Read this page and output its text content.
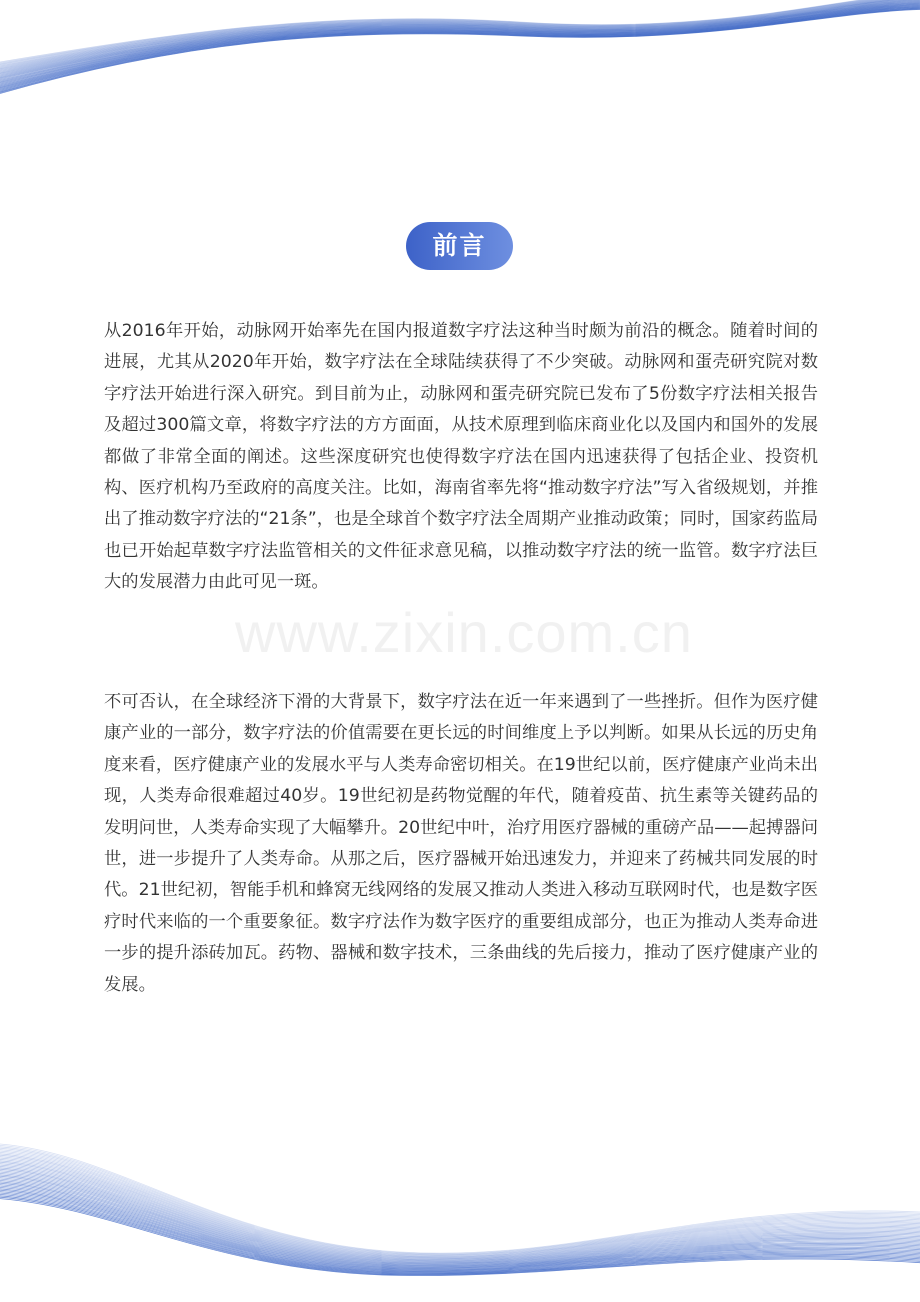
www.zixin.com.cn
前言

从2016年开始，动脉网开始率先在国内报道数字疗法这种当时颇为前沿的概念。随着时间的进展，尤其从2020年开始，数字疗法在全球陆续获得了不少突破。动脉网和蛋壳研究院对数字疗法开始进行深入研究。到目前为止，动脉网和蛋壳研究院已发布了5份数字疗法相关报告及超过300篇文章，将数字疗法的方方面面，从技术原理到临床商业化以及国内和国外的发展都做了非常全面的阐述。这些深度研究也使得数字疗法在国内迅速获得了包括企业、投资机构、医疗机构乃至政府的高度关注。比如，海南省率先将“推动数字疗法”写入省级规划，并推出了推动数字疗法的“21条”，也是全球首个数字疗法全周期产业推动政策；同时，国家药监局也已开始起草数字疗法监管相关的文件征求意见稿，以推动数字疗法的统一监管。数字疗法巨大的发展潜力由此可见一斑。

不可否认，在全球经济下滑的大背景下，数字疗法在近一年来遇到了一些挫折。但作为医疗健康产业的一部分，数字疗法的价值需要在更长远的时间维度上予以判断。如果从长远的历史角度来看，医疗健康产业的发展水平与人类寿命密切相关。在19世纪以前，医疗健康产业尚未出现，人类寿命很难超过40岁。19世纪初是药物觉醒的年代，随着疫苗、抗生素等关键药品的发明问世，人类寿命实现了大幅攀升。20世纪中叶，治疗用医疗器械的重磅产品——起搏器问世，进一步提升了人类寿命。从那之后，医疗器械开始迅速发力，并迎来了药械共同发展的时代。21世纪初，智能手机和蜂窝无线网络的发展又推动人类进入移动互联网时代，也是数字医疗时代来临的一个重要象征。数字疗法作为数字医疗的重要组成部分，也正为推动人类寿命进一步的提升添砖加瓦。药物、器械和数字技术，三条曲线的先后接力，推动了医疗健康产业的发展。
